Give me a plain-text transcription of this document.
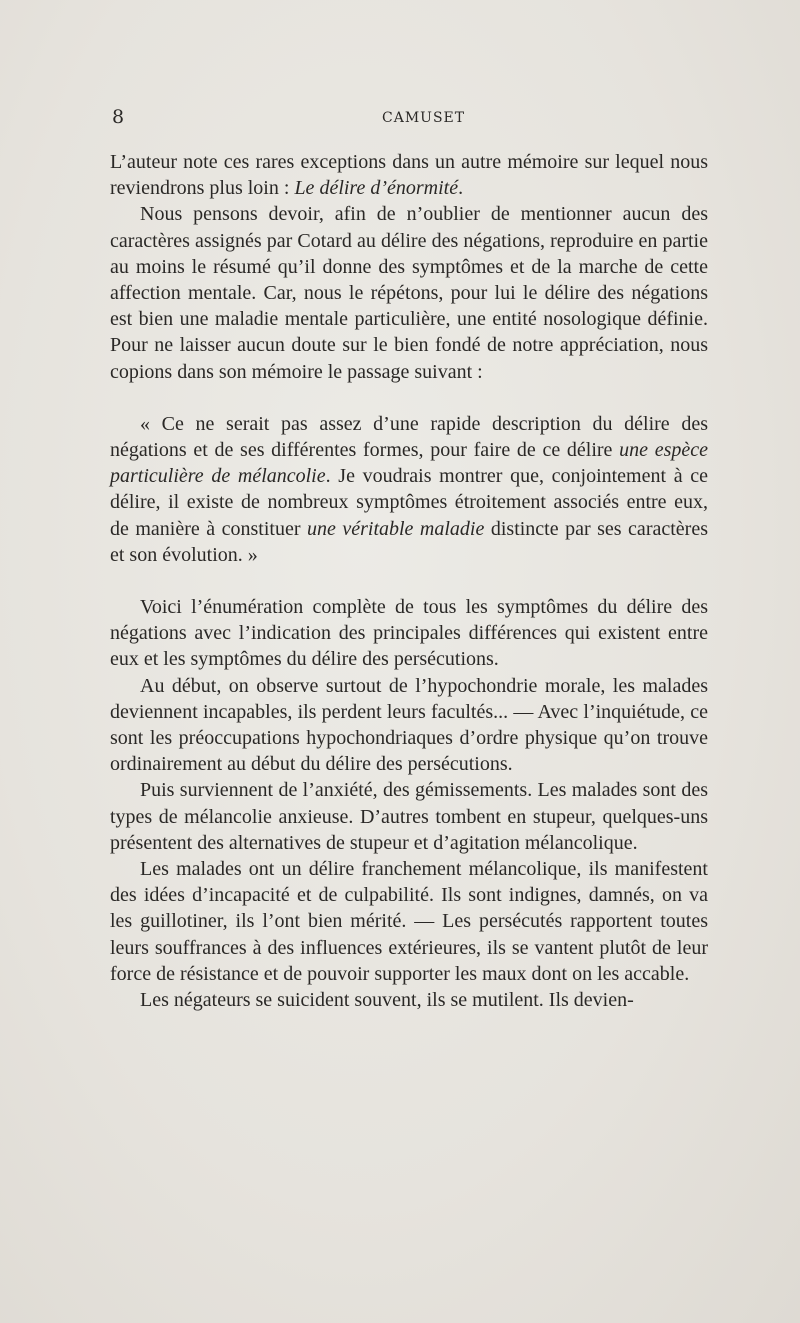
8	CAMUSET

L’auteur note ces rares exceptions dans un autre mémoire sur lequel nous reviendrons plus loin : Le délire d’énormité.

Nous pensons devoir, afin de n’oublier de mentionner aucun des caractères assignés par Cotard au délire des négations, reproduire en partie au moins le résumé qu’il donne des symptômes et de la marche de cette affection mentale. Car, nous le répétons, pour lui le délire des négations est bien une maladie mentale particulière, une entité nosologique définie. Pour ne laisser aucun doute sur le bien fondé de notre appréciation, nous copions dans son mémoire le passage suivant :

« Ce ne serait pas assez d’une rapide description du délire des négations et de ses différentes formes, pour faire de ce délire une espèce particulière de mélancolie. Je voudrais montrer que, conjointement à ce délire, il existe de nombreux symptômes étroitement associés entre eux, de manière à constituer une véritable maladie distincte par ses caractères et son évolution. »

Voici l’énumération complète de tous les symptômes du délire des négations avec l’indication des principales différences qui existent entre eux et les symptômes du délire des persécutions.

Au début, on observe surtout de l’hypochondrie morale, les malades deviennent incapables, ils perdent leurs facultés... — Avec l’inquiétude, ce sont les préoccupations hypochondriaques d’ordre physique qu’on trouve ordinairement au début du délire des persécutions.

Puis surviennent de l’anxiété, des gémissements. Les malades sont des types de mélancolie anxieuse. D’autres tombent en stupeur, quelques-uns présentent des alternatives de stupeur et d’agitation mélancolique.

Les malades ont un délire franchement mélancolique, ils manifestent des idées d’incapacité et de culpabilité. Ils sont indignes, damnés, on va les guillotiner, ils l’ont bien mérité. — Les persécutés rapportent toutes leurs souffrances à des influences extérieures, ils se vantent plutôt de leur force de résistance et de pouvoir supporter les maux dont on les accable.

Les négateurs se suicident souvent, ils se mutilent. Ils devien-
